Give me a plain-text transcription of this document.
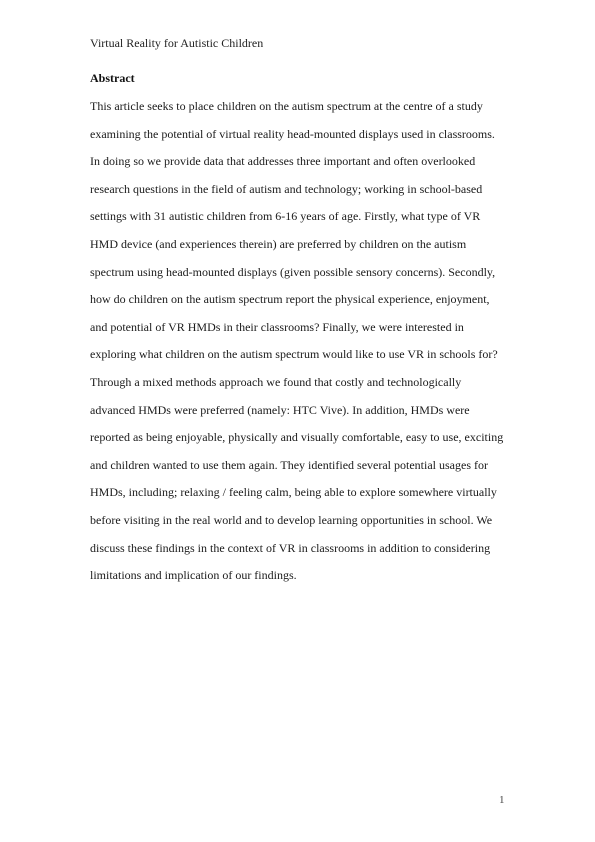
Virtual Reality for Autistic Children
Abstract
This article seeks to place children on the autism spectrum at the centre of a study
examining the potential of virtual reality head-mounted displays used in classrooms.
In doing so we provide data that addresses three important and often overlooked
research questions in the field of autism and technology; working in school-based
settings with 31 autistic children from 6-16 years of age. Firstly, what type of VR
HMD device (and experiences therein) are preferred by children on the autism
spectrum using head-mounted displays (given possible sensory concerns). Secondly,
how do children on the autism spectrum report the physical experience, enjoyment,
and potential of VR HMDs in their classrooms? Finally, we were interested in
exploring what children on the autism spectrum would like to use VR in schools for?
Through a mixed methods approach we found that costly and technologically
advanced HMDs were preferred (namely: HTC Vive). In addition, HMDs were
reported as being enjoyable, physically and visually comfortable, easy to use, exciting
and children wanted to use them again. They identified several potential usages for
HMDs, including; relaxing / feeling calm, being able to explore somewhere virtually
before visiting in the real world and to develop learning opportunities in school. We
discuss these findings in the context of VR in classrooms in addition to considering
limitations and implication of our findings.
1
